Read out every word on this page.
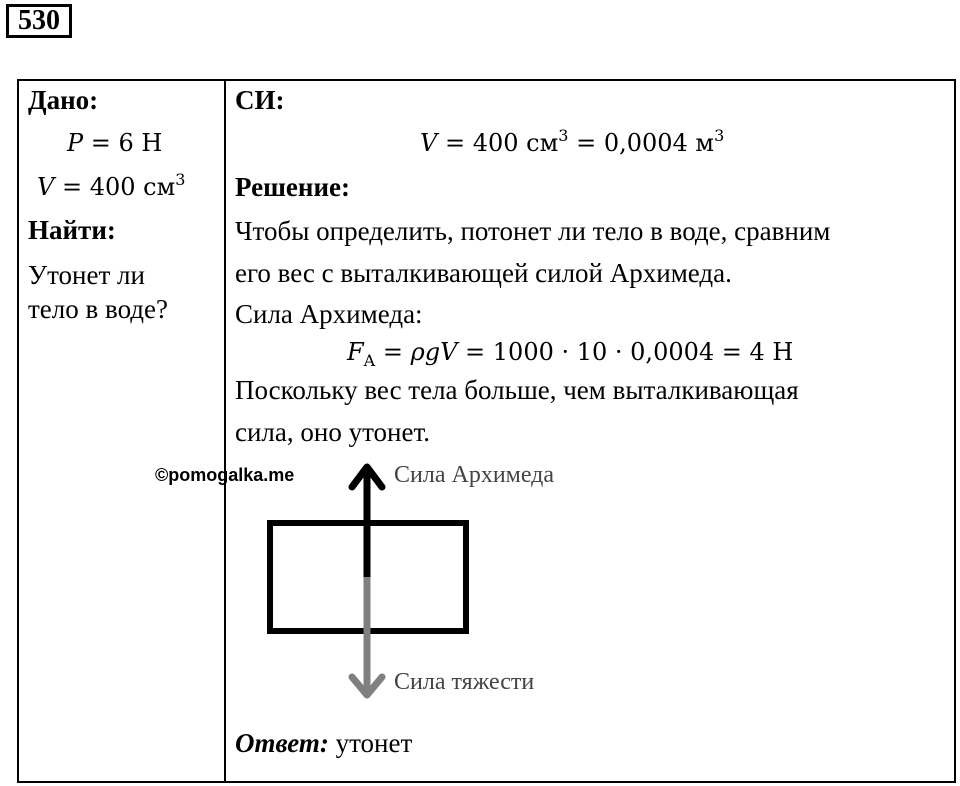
530
Дано:
P = 6 Н
V = 400 $см^3$
Найти:
Утонет ли
тело в воде?
СИ:
V = 400 $см^3 = 0,0004$ $м^3$
Решение:
Чтобы определить, потонет ли тело в воде, сравним
его вес с выталкивающей силой Архимеда.
Сила Архимеда:
$F_A = \rho gV = 1000 \cdot 10 \cdot 0,0004 = 4$ Н
Поскольку вес тела больше, чем выталкивающая
сила, оно утонет.
Ответ: утонет
©pomogalka.me	Сила Архимеда
Сила тяжести
